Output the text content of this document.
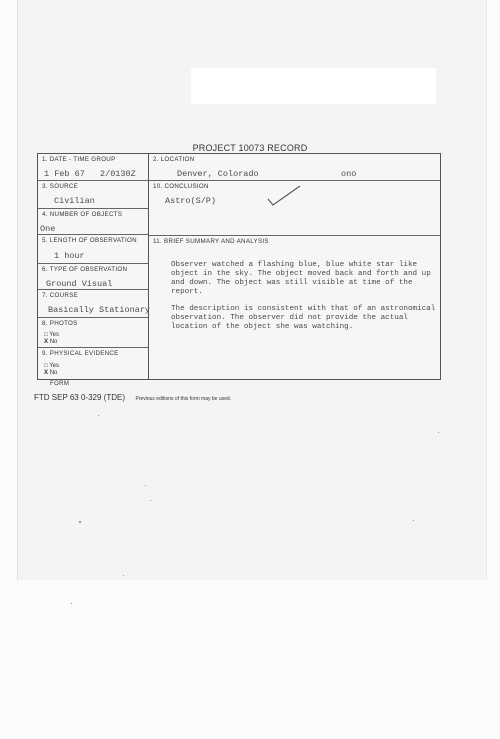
PROJECT 10073 RECORD
1. DATE - TIME GROUP
1 Feb 67 2/0130Z
3. SOURCE
Civilian
4. NUMBER OF OBJECTS
One
5. LENGTH OF OBSERVATION
1 hour
6. TYPE OF OBSERVATION
Ground Visual
7. COURSE
Basically Stationary
8. PHOTOS
□ Yes
X No
9. PHYSICAL EVIDENCE
□ Yes
X No
2. LOCATION
Denver, Colorado	ono
10. CONCLUSION
Astro(S/P)
11. BRIEF SUMMARY AND ANALYSIS

Observer watched a flashing blue, blue white star like object in the sky. The object moved back and forth and up and down. The object was still visible at time of the report.

The description is consistent with that of an astronomical observation. The observer did not provide the actual location of the object she was watching.

FORM
FTD SEP 63 0-329 (TDE) Previous editions of this form may be used.
